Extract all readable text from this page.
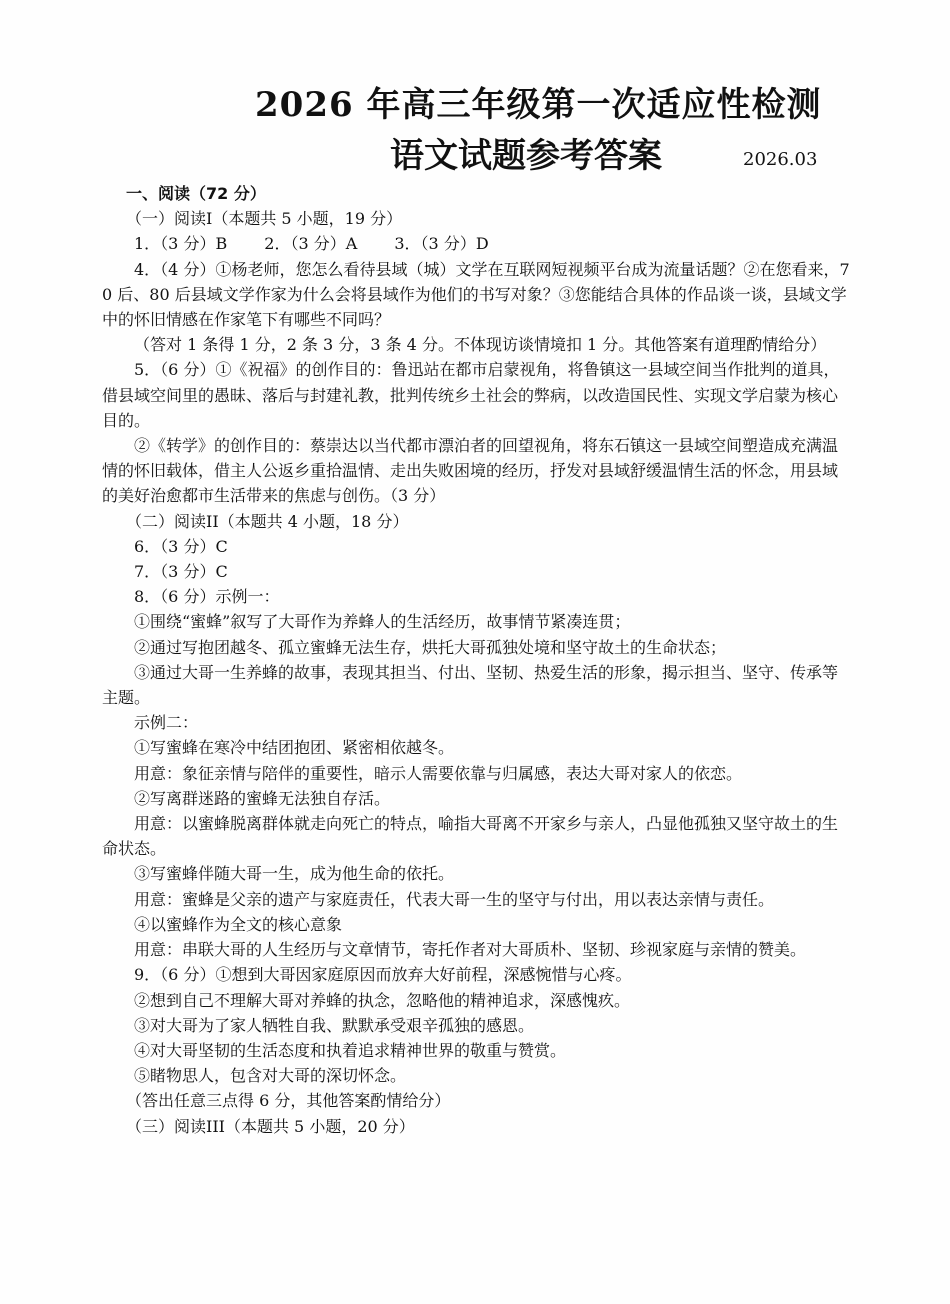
2026 年高三年级第一次适应性检测
语文试题参考答案	2026.03
一、阅读（72 分）
（一）阅读I（本题共 5 小题，19 分）
1．（3 分）B　　 2．（3 分）A　　 3．（3 分）D
4．（4 分）①杨老师，您怎么看待县域（城）文学在互联网短视频平台成为流量话题？②在您看来，70 后、80 后县域文学作家为什么会将县域作为他们的书写对象？③您能结合具体的作品谈一谈，县域文学中的怀旧情感在作家笔下有哪些不同吗？
（答对 1 条得 1 分，2 条 3 分，3 条 4 分。不体现访谈情境扣 1 分。其他答案有道理酌情给分）
5．（6 分）①《祝福》的创作目的：鲁迅站在都市启蒙视角，将鲁镇这一县域空间当作批判的道具，借县域空间里的愚昧、落后与封建礼教，批判传统乡土社会的弊病，以改造国民性、实现文学启蒙为核心目的。
②《转学》的创作目的：蔡崇达以当代都市漂泊者的回望视角，将东石镇这一县域空间塑造成充满温情的怀旧载体，借主人公返乡重拾温情、走出失败困境的经历，抒发对县域舒缓温情生活的怀念，用县域的美好治愈都市生活带来的焦虑与创伤。（3 分）
（二）阅读II（本题共 4 小题，18 分）
6．（3 分）C
7．（3 分）C
8．（6 分）示例一：
①围绕“蜜蜂”叙写了大哥作为养蜂人的生活经历，故事情节紧凑连贯；
②通过写抱团越冬、孤立蜜蜂无法生存，烘托大哥孤独处境和坚守故土的生命状态；
③通过大哥一生养蜂的故事，表现其担当、付出、坚韧、热爱生活的形象，揭示担当、坚守、传承等主题。
示例二：
①写蜜蜂在寒冷中结团抱团、紧密相依越冬。
用意：象征亲情与陪伴的重要性，暗示人需要依靠与归属感，表达大哥对家人的依恋。
②写离群迷路的蜜蜂无法独自存活。
用意：以蜜蜂脱离群体就走向死亡的特点，喻指大哥离不开家乡与亲人，凸显他孤独又坚守故土的生命状态。
③写蜜蜂伴随大哥一生，成为他生命的依托。
用意：蜜蜂是父亲的遗产与家庭责任，代表大哥一生的坚守与付出，用以表达亲情与责任。
④以蜜蜂作为全文的核心意象
用意：串联大哥的人生经历与文章情节，寄托作者对大哥质朴、坚韧、珍视家庭与亲情的赞美。
9．（6 分）①想到大哥因家庭原因而放弃大好前程，深感惋惜与心疼。
②想到自己不理解大哥对养蜂的执念，忽略他的精神追求，深感愧疚。
③对大哥为了家人牺牲自我、默默承受艰辛孤独的感恩。
④对大哥坚韧的生活态度和执着追求精神世界的敬重与赞赏。
⑤睹物思人，包含对大哥的深切怀念。
（答出任意三点得 6 分，其他答案酌情给分）
（三）阅读III（本题共 5 小题，20 分）
